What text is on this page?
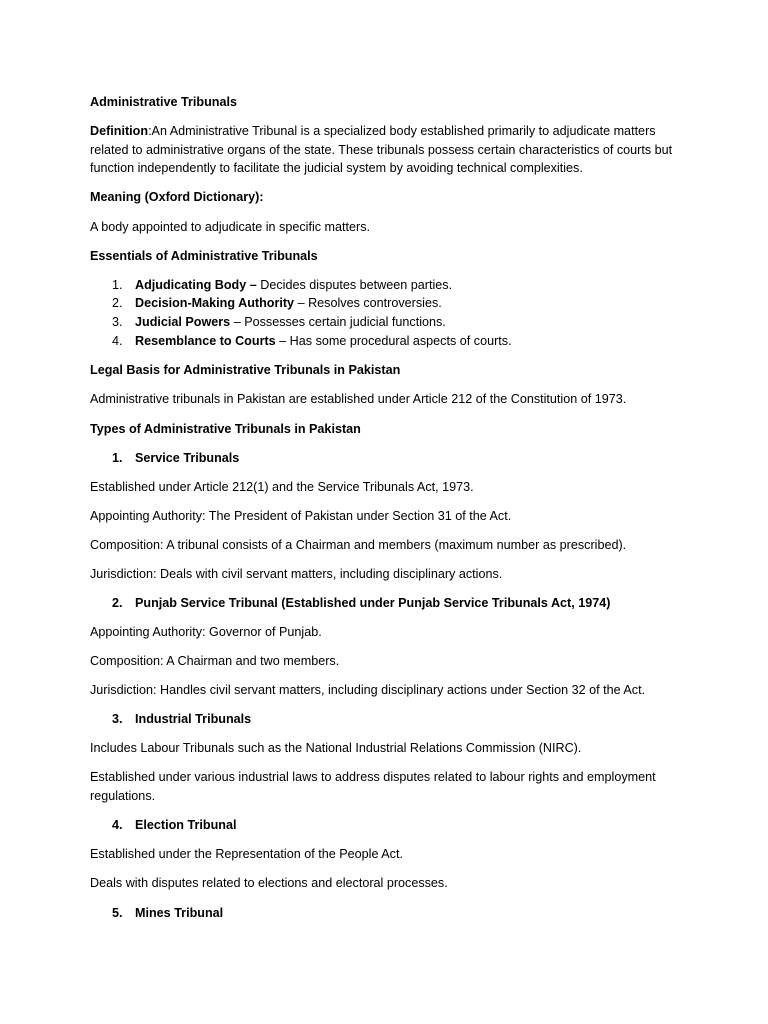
Administrative Tribunals
Definition:An Administrative Tribunal is a specialized body established primarily to adjudicate matters related to administrative organs of the state. These tribunals possess certain characteristics of courts but function independently to facilitate the judicial system by avoiding technical complexities.
Meaning (Oxford Dictionary):
A body appointed to adjudicate in specific matters.
Essentials of Administrative Tribunals
1. Adjudicating Body – Decides disputes between parties.
2. Decision-Making Authority – Resolves controversies.
3. Judicial Powers – Possesses certain judicial functions.
4. Resemblance to Courts – Has some procedural aspects of courts.
Legal Basis for Administrative Tribunals in Pakistan
Administrative tribunals in Pakistan are established under Article 212 of the Constitution of 1973.
Types of Administrative Tribunals in Pakistan
1. Service Tribunals
Established under Article 212(1) and the Service Tribunals Act, 1973.
Appointing Authority: The President of Pakistan under Section 31 of the Act.
Composition: A tribunal consists of a Chairman and members (maximum number as prescribed).
Jurisdiction: Deals with civil servant matters, including disciplinary actions.
2. Punjab Service Tribunal (Established under Punjab Service Tribunals Act, 1974)
Appointing Authority: Governor of Punjab.
Composition: A Chairman and two members.
Jurisdiction: Handles civil servant matters, including disciplinary actions under Section 32 of the Act.
3. Industrial Tribunals
Includes Labour Tribunals such as the National Industrial Relations Commission (NIRC).
Established under various industrial laws to address disputes related to labour rights and employment regulations.
4. Election Tribunal
Established under the Representation of the People Act.
Deals with disputes related to elections and electoral processes.
5. Mines Tribunal
